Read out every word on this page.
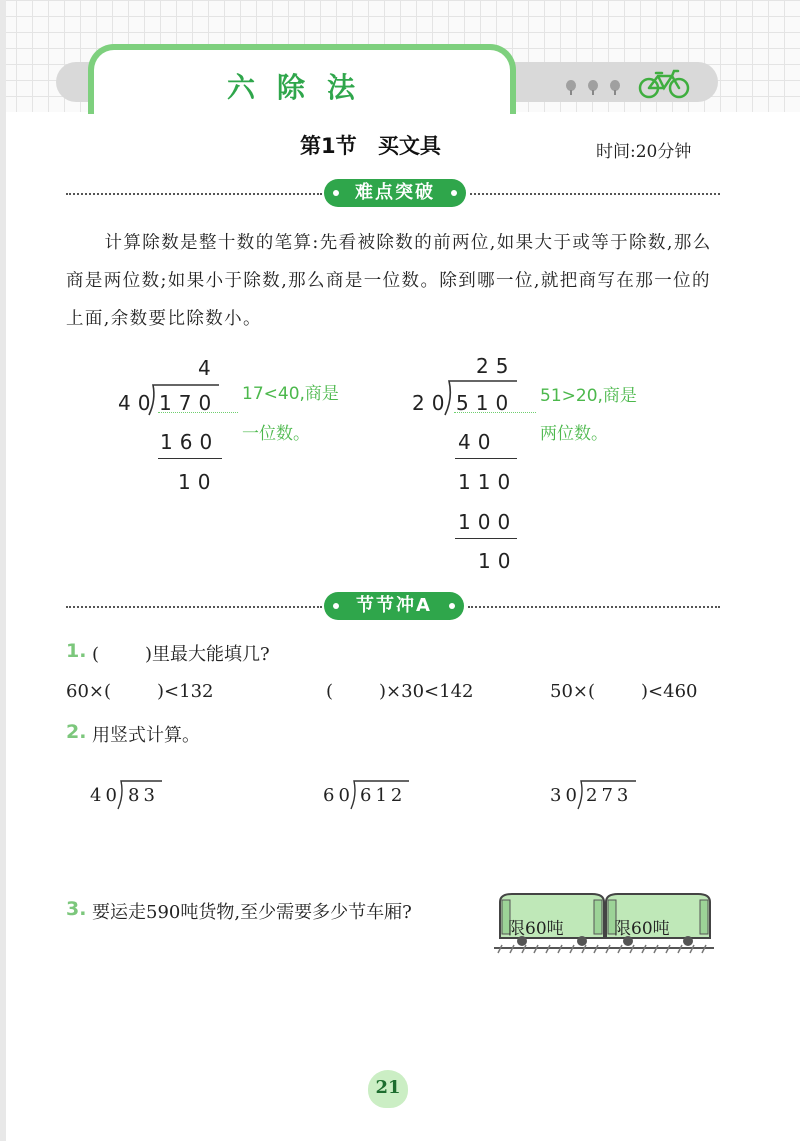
六除法
第1节 买文具	时间:20分钟
难点突破
计算除数是整十数的笔算:先看被除数的前两位,如果大于或等于除数,那么商是两位数;如果小于除数,那么商是一位数。除到哪一位,就把商写在那一位的上面,余数要比除数小。
4
40 170 17<40,商是
一位数。
160
10
25
20 510 51>20,商是
两位数。
40
110
100
10
节节冲A
1. (	)里最大能填几?
60×(	)<132	(	)×30<142	50×(	)<460
2. 用竖式计算。
40 83	60 612	30 273
3. 要运走590吨货物,至少需要多少节车厢?
限60吨	限60吨
21
